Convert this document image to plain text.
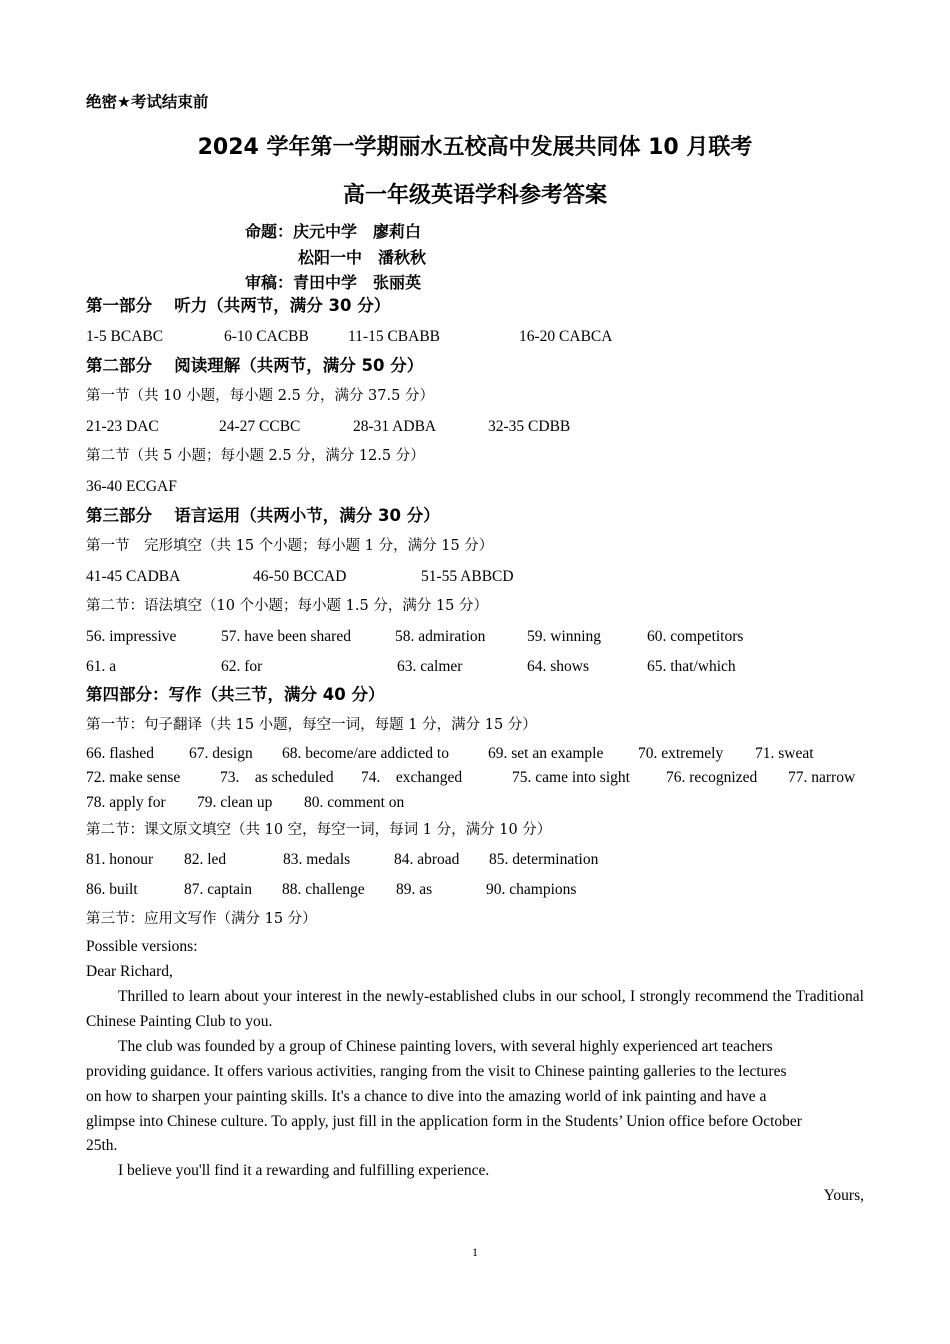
绝密★考试结束前
2024 学年第一学期丽水五校高中发展共同体 10 月联考
高一年级英语学科参考答案
命题：庆元中学　廖莉白
松阳一中　潘秋秋
审稿：青田中学　张丽英
第一部分　 听力（共两节，满分 30 分）
1-5 BCABC	6-10 CACBB	11-15 CBABB	16-20 CABCA
第二部分　 阅读理解（共两节，满分 50 分）
第一节（共 10 小题，每小题 2.5 分，满分 37.5 分）
21-23 DAC	24-27 CCBC	28-31 ADBA	32-35 CDBB
第二节（共 5 小题；每小题 2.5 分，满分 12.5 分）
36-40 ECGAF
第三部分　 语言运用（共两小节，满分 30 分）
第一节　完形填空（共 15 个小题；每小题 1 分，满分 15 分）
41-45 CADBA	46-50 BCCAD	51-55 ABBCD
第二节：语法填空（10 个小题；每小题 1.5 分，满分 15 分）
56. impressive	57. have been shared	58. admiration	59. winning	60. competitors
61. a	62. for	63. calmer	64. shows	65. that/which
第四部分：写作（共三节，满分 40 分）
第一节：句子翻译（共 15 小题，每空一词，每题 1 分，满分 15 分）
66. flashed 67. design 68. become/are addicted to	69. set an example 70. extremely 71. sweat
72. make sense	73.　as scheduled 74.　exchanged	75. came into sight 76. recognized 77. narrow
78. apply for 79. clean up 80. comment on
第二节：课文原文填空（共 10 空，每空一词，每词 1 分，满分 10 分）
81. honour 82. led	83. medals	84. abroad 85. determination
86. built	87. captain 88. challenge 89. as	90. champions
第三节：应用文写作（满分 15 分）
Possible versions:
Dear Richard,
Thrilled to learn about your interest in the newly-established clubs in our school, I strongly recommend the Traditional Chinese Painting Club to you.
The club was founded by a group of Chinese painting lovers, with several highly experienced art teachers
providing guidance. It offers various activities, ranging from the visit to Chinese painting galleries to the lectures
on how to sharpen your painting skills. It's a chance to dive into the amazing world of ink painting and have a
glimpse into Chinese culture. To apply, just fill in the application form in the Students’ Union office before October
25th.
I believe you'll find it a rewarding and fulfilling experience.
Yours,
1
